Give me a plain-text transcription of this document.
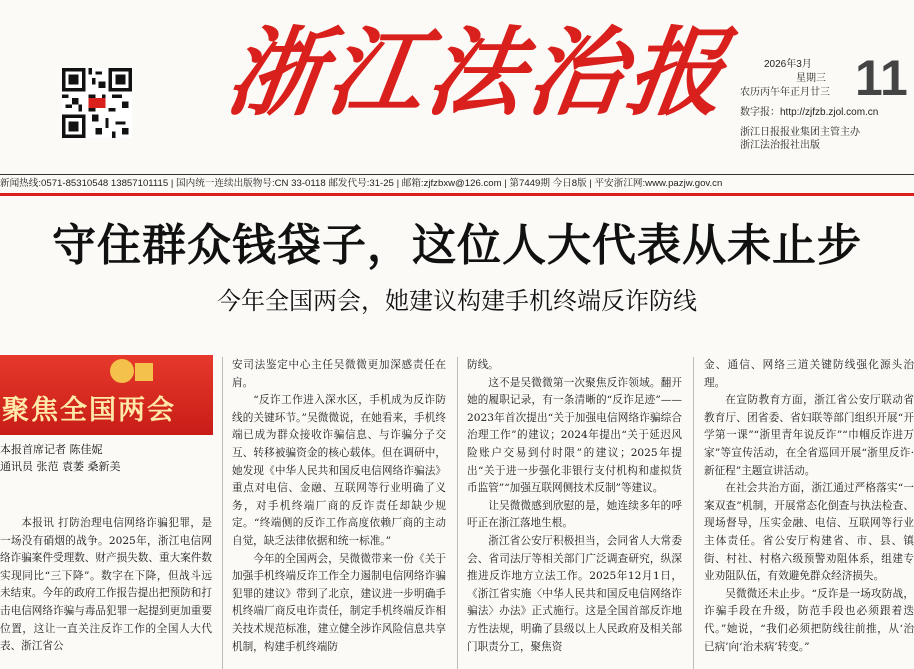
浙江法治报	2026年3月
星期三
农历丙午年正月廿三 11
数字报：http://zjfzb.zjol.com.cn
浙江日报报业集团主管主办
浙江法治报社出版
新闻热线:0571-85310548 13857101115 | 国内统一连续出版物号:CN 33-0118 邮发代号:31-25 | 邮箱:zjfzbxw@126.com | 第7449期 今日8版 | 平安浙江网:www.pazjw.gov.cn
守住群众钱袋子，这位人大代表从未止步
今年全国两会，她建议构建手机终端反诈防线
聚焦全国两会
本报首席记者 陈佳妮
通讯员 张范 袁萎 桑新美

本报讯 打防治理电信网络诈骗犯罪，是一场没有硝烟的战争。2025年，浙江电信网络诈骗案件受理数、财产损失数、重大案件数实现同比“三下降”。数字在下降，但战斗远未结束。今年的政府工作报告提出把预防和打击电信网络诈骗与毒品犯罪一起提到更加重要位置，这让一直关注反诈工作的全国人大代表、浙江省公

安司法鉴定中心主任吴微微更加深感责任在肩。

“反诈工作进入深水区，手机成为反诈防线的关键环节。”吴微微说，在她看来，手机终端已成为群众接收诈骗信息、与诈骗分子交互、转移被骗资金的核心载体。但在调研中，她发现《中华人民共和国反电信网络诈骗法》重点对电信、金融、互联网等行业明确了义务，对手机终端厂商的反诈责任却缺少规定。“终端侧的反诈工作高度依赖厂商的主动自觉，缺乏法律依据和统一标准。”

今年的全国两会，吴微微带来一份《关于加强手机终端反诈工作全力遏制电信网络诈骗犯罪的建议》带到了北京，建议进一步明确手机终端厂商反电诈责任，制定手机终端反诈相关技术规范标准，建立健全涉诈风险信息共享机制，构建手机终端防

防线。

这不是吴微微第一次聚焦反诈领域。翻开她的履职记录，有一条清晰的“反诈足迹”——2023年首次提出“关于加强电信网络诈骗综合治理工作”的建议；2024年提出“关于延迟风险账户交易到付时限”的建议；2025年提出“关于进一步强化非银行支付机构和虚拟货币监管”“加强互联网侧技术反制”等建议。

让吴微微感到欣慰的是，她连续多年的呼吁正在浙江落地生根。

浙江省公安厅积极担当，会同省人大常委会、省司法厅等相关部门广泛调查研究，纵深推进反诈地方立法工作。2025年12月1日，《浙江省实施〈中华人民共和国反电信网络诈骗法〉办法》正式施行。这是全国首部反诈地方性法规，明确了县级以上人民政府及相关部门职责分工，聚焦资

金、通信、网络三道关键防线强化源头治理。

在宣防教育方面，浙江省公安厅联动省教育厅、团省委、省妇联等部门组织开展“开学第一课”“浙里青年说反诈”“巾帼反诈进万家”等宣传活动，在全省巡回开展“浙里反诈·新征程”主题宣讲活动。

在社会共治方面，浙江通过严格落实“一案双查”机制，开展常态化倒查与执法检查、现场督导，压实金融、电信、互联网等行业主体责任。省公安厅构建省、市、县、镇街、村社、村格六级预警劝阻体系，组建专业劝阻队伍，有效避免群众经济损失。

吴微微还未止步。“反诈是一场攻防战，诈骗手段在升级，防范手段也必须跟着迭代。”她说，“我们必须把防线往前推，从‘治已病’向‘治未病’转变。”
